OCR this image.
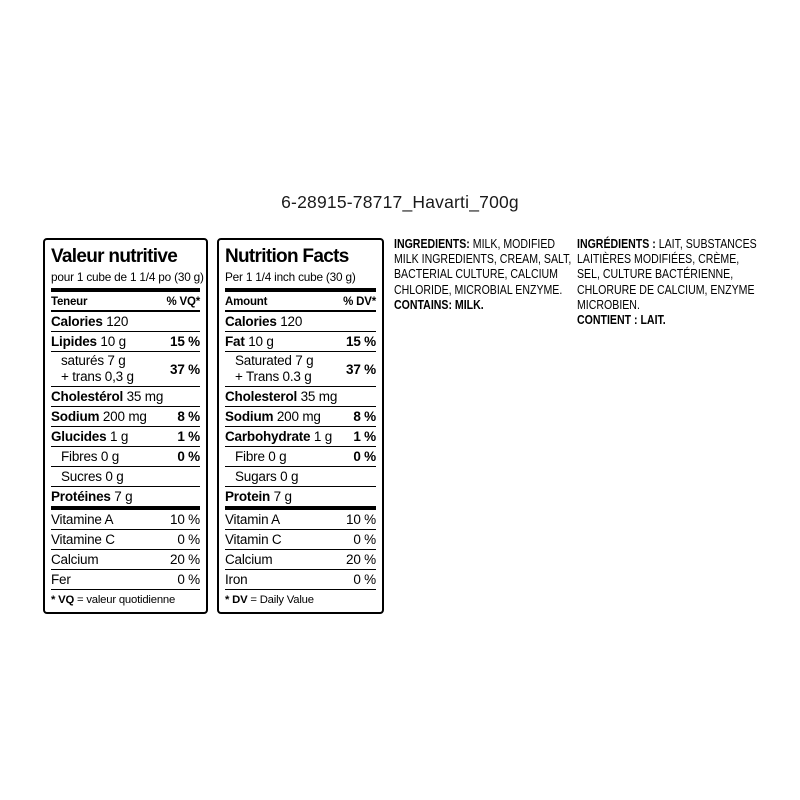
6-28915-78717_Havarti_700g
Valeur nutritive
pour 1 cube de 1 1/4 po (30 g)
Teneur	% VQ*
Calories 120
Lipides 10 g	15 %
saturés 7 g
+ trans 0,3 g	37 %
Cholestérol 35 mg
Sodium 200 mg 8 %
Glucides 1 g	1 %
Fibres 0 g	0 %
Sucres 0 g
Protéines 7 g
Vitamine A	10 %
Vitamine C	0 %
Calcium	20 %
Fer	0 %
* VQ = valeur quotidienne
Nutrition Facts
Per 1 1/4 inch cube (30 g)
Amount	% DV*
Calories 120
Fat 10 g	15 %
Saturated 7 g
+ Trans 0.3 g	37 %
Cholesterol 35 mg
Sodium 200 mg 8 %
Carbohydrate 1 g 1 %
Fibre 0 g	0 %
Sugars 0 g
Protein 7 g
Vitamin A	10 %
Vitamin C	0 %
Calcium	20 %
Iron	0 %
* DV = Daily Value
INGREDIENTS: MILK, MODIFIED
MILK INGREDIENTS, CREAM, SALT,
BACTERIAL CULTURE, CALCIUM
CHLORIDE, MICROBIAL ENZYME.
CONTAINS: MILK.
INGRÉDIENTS : LAIT, SUBSTANCES
LAITIÈRES MODIFIÉES, CRÈME,
SEL, CULTURE BACTÉRIENNE,
CHLORURE DE CALCIUM, ENZYME
MICROBIEN.
CONTIENT : LAIT.
